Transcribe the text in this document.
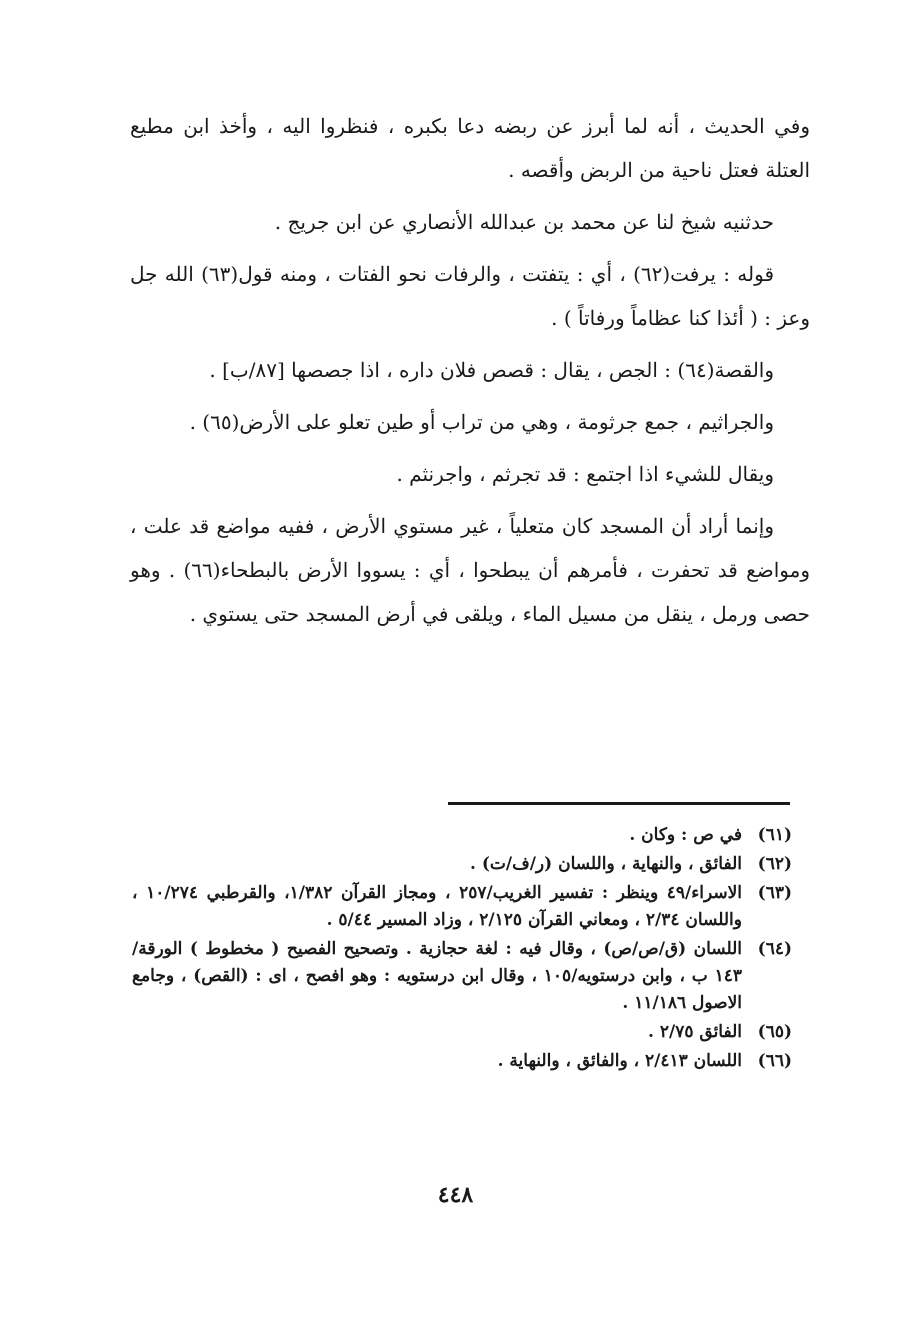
وفي الحديث ، أنه لما أبرز عن ربضه دعا بكبره ، فنظروا اليه ، وأخذ ابن مطيع العتلة فعتل ناحية من الربض وأقصه .

حدثنيه شيخ لنا عن محمد بن عبدالله الأنصاري عن ابن جريج .

قوله : يرفت(٦٢) ، أي : يتفتت ، والرفات نحو الفتات ، ومنه قول(٦٣) الله جل وعز : ( أئذا كنا عظاماً ورفاتاً ) .

والقصة(٦٤) : الجص ، يقال : قصص فلان داره ، اذا جصصها [٨٧/ب] .

والجراثيم ، جمع جرثومة ، وهي من تراب أو طين تعلو على الأرض(٦٥) .

ويقال للشيء اذا اجتمع : قد تجرثم ، واجرنثم .

وإنما أراد أن المسجد كان متعلياً ، غير مستوي الأرض ، ففيه مواضع قد علت ، ومواضع قد تحفرت ، فأمرهم أن يبطحوا ، أي : يسووا الأرض بالبطحاء(٦٦) . وهو حصى ورمل ، ينقل من مسيل الماء ، ويلقى في أرض المسجد حتى يستوي .

(٦١)
في ص : وكان .
(٦٢)
الفائق ، والنهاية ، واللسان (ر/ف/ت) .
(٦٣)
الاسراء/٤٩ وينظر : تفسير الغريب/٢٥٧ ، ومجاز القرآن ١/٣٨٢، والقرطبي ١٠/٢٧٤ ، واللسان ٢/٣٤ ، ومعاني القرآن ٢/١٢٥ ، وزاد المسير ٥/٤٤ .
(٦٤)
اللسان (ق/ص/ص) ، وقال فيه : لغة حجازية . وتصحيح الفصيح ( مخطوط ) الورقة/١٤٣ ب ، وابن درستويه/١٠٥ ، وقال ابن درستويه : وهو افصح ، اى : (القص) ، وجامع الاصول ١١/١٨٦ .
(٦٥)
الفائق ٢/٧٥ .
(٦٦)
اللسان ٢/٤١٣ ، والفائق ، والنهاية .
٤٤٨
